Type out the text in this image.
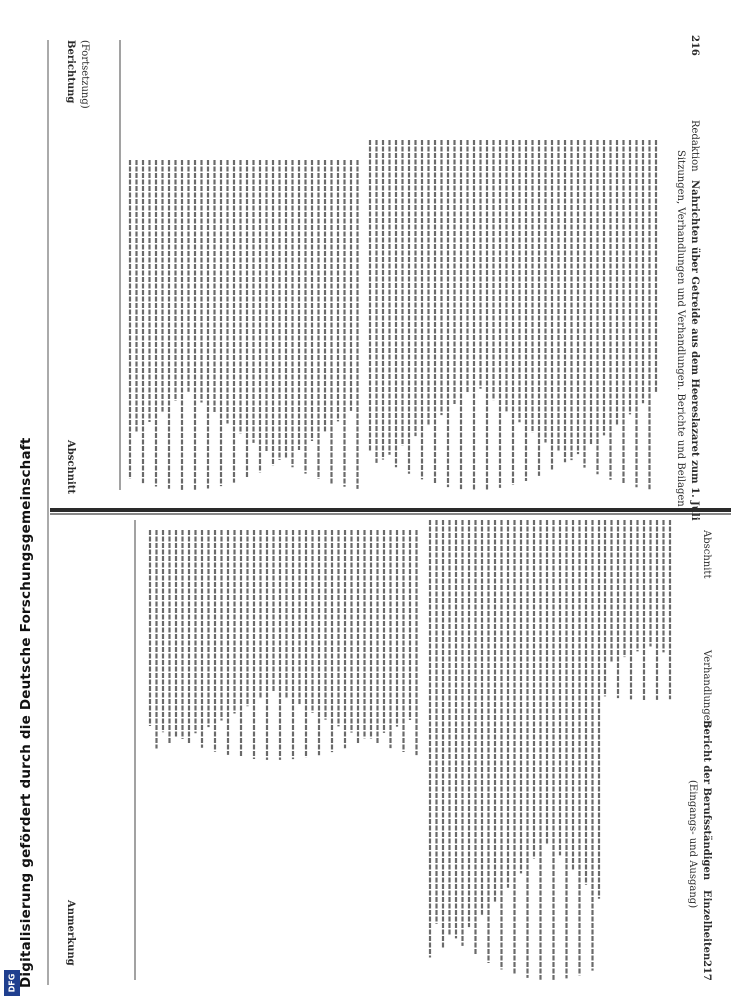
216
Redaktion
Nahrichten über Getreide aus dem Heereslazaret zum 1. Juli
Sitzungen, Verhandlungen und Verhandlungen. Berichte und Beilagen
Berichtung (Fortsetzung)
Abschnitt
217
Verhandlungen
Bericht der Berufsständigen
(Eingangs- und Ausgang)
Einzelheiten
Abschnitt
Anmerkung
DFG Digitalisierung gefördert durch die Deutsche Forschungsgemeinschaft
